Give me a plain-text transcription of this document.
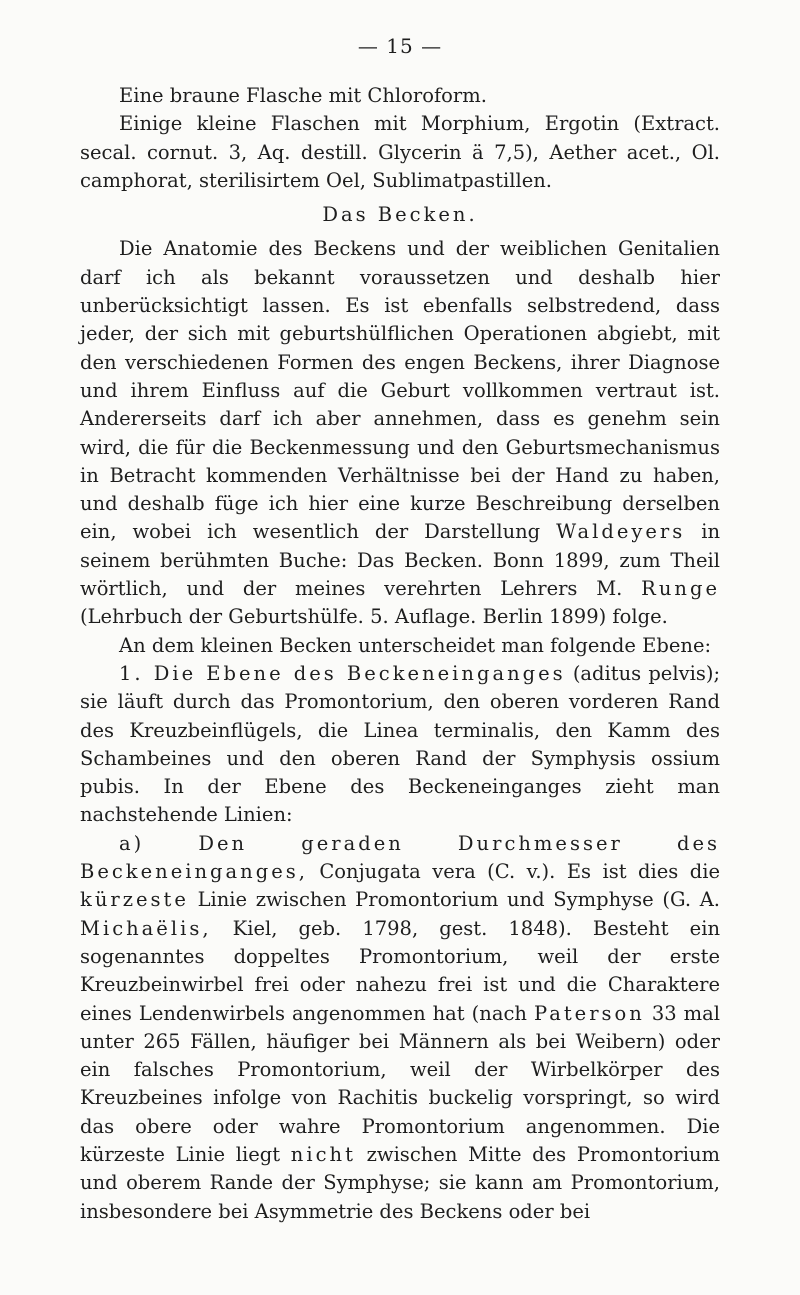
— 15 —

Eine braune Flasche mit Chloroform.

Einige kleine Flaschen mit Morphium, Ergotin (Extract. secal. cornut. 3, Aq. destill. Glycerin ä 7,5), Aether acet., Ol. camphorat, sterilisirtem Oel, Sublimatpastillen.

Das Becken.

Die Anatomie des Beckens und der weiblichen Genitalien darf ich als bekannt voraussetzen und deshalb hier unberücksichtigt lassen. Es ist ebenfalls selbstredend, dass jeder, der sich mit geburtshülflichen Operationen abgiebt, mit den verschiedenen Formen des engen Beckens, ihrer Diagnose und ihrem Einfluss auf die Geburt vollkommen vertraut ist. Andererseits darf ich aber annehmen, dass es genehm sein wird, die für die Beckenmessung und den Geburtsmechanismus in Betracht kommenden Verhältnisse bei der Hand zu haben, und deshalb füge ich hier eine kurze Beschreibung derselben ein, wobei ich wesentlich der Darstellung Waldeyers in seinem berühmten Buche: Das Becken. Bonn 1899, zum Theil wörtlich, und der meines verehrten Lehrers M. Runge (Lehrbuch der Geburtshülfe. 5. Auflage. Berlin 1899) folge.

An dem kleinen Becken unterscheidet man folgende Ebene:

1. Die Ebene des Beckeneinganges (aditus pelvis); sie läuft durch das Promontorium, den oberen vorderen Rand des Kreuzbeinflügels, die Linea terminalis, den Kamm des Schambeines und den oberen Rand der Symphysis ossium pubis. In der Ebene des Beckeneinganges zieht man nachstehende Linien:

a) Den geraden Durchmesser des Beckeneinganges, Conjugata vera (C. v.). Es ist dies die kürzeste Linie zwischen Promontorium und Symphyse (G. A. Michaëlis, Kiel, geb. 1798, gest. 1848). Besteht ein sogenanntes doppeltes Promontorium, weil der erste Kreuzbeinwirbel frei oder nahezu frei ist und die Charaktere eines Lendenwirbels angenommen hat (nach Paterson 33 mal unter 265 Fällen, häufiger bei Männern als bei Weibern) oder ein falsches Promontorium, weil der Wirbelkörper des Kreuzbeines infolge von Rachitis buckelig vorspringt, so wird das obere oder wahre Promontorium angenommen. Die kürzeste Linie liegt nicht zwischen Mitte des Promontorium und oberem Rande der Symphyse; sie kann am Promontorium, insbesondere bei Asymmetrie des Beckens oder bei
